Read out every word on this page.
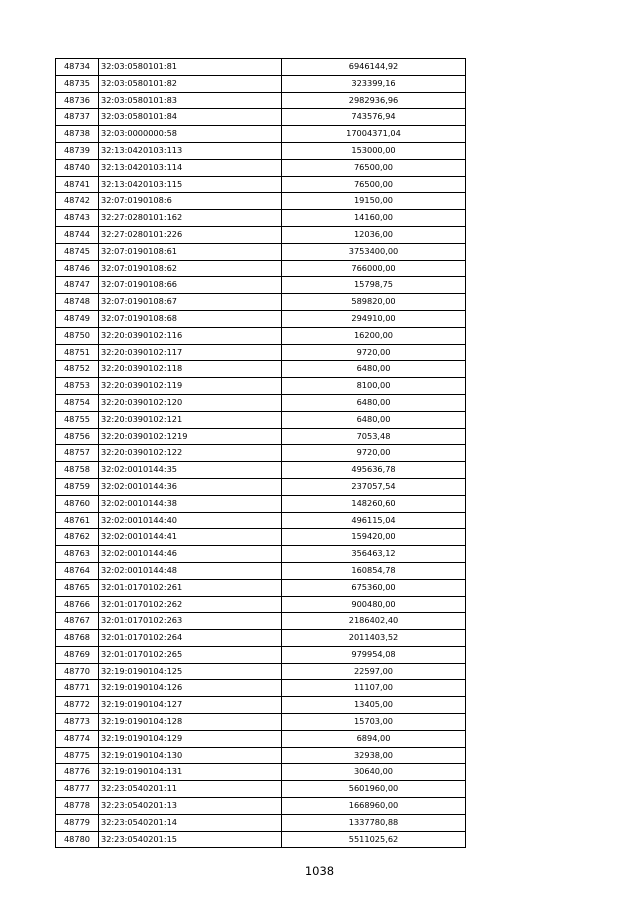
48734	32:03:0580101:81	6946144,92
48735	32:03:0580101:82	323399,16
48736	32:03:0580101:83	2982936,96
48737	32:03:0580101:84	743576,94
48738	32:03:0000000:58	17004371,04
48739	32:13:0420103:113	153000,00
48740	32:13:0420103:114	76500,00
48741	32:13:0420103:115	76500,00
48742	32:07:0190108:6	19150,00
48743	32:27:0280101:162	14160,00
48744	32:27:0280101:226	12036,00
48745	32:07:0190108:61	3753400,00
48746	32:07:0190108:62	766000,00
48747	32:07:0190108:66	15798,75
48748	32:07:0190108:67	589820,00
48749	32:07:0190108:68	294910,00
48750	32:20:0390102:116	16200,00
48751	32:20:0390102:117	9720,00
48752	32:20:0390102:118	6480,00
48753	32:20:0390102:119	8100,00
48754	32:20:0390102:120	6480,00
48755	32:20:0390102:121	6480,00
48756	32:20:0390102:1219	7053,48
48757	32:20:0390102:122	9720,00
48758	32:02:0010144:35	495636,78
48759	32:02:0010144:36	237057,54
48760	32:02:0010144:38	148260,60
48761	32:02:0010144:40	496115,04
48762	32:02:0010144:41	159420,00
48763	32:02:0010144:46	356463,12
48764	32:02:0010144:48	160854,78
48765	32:01:0170102:261	675360,00
48766	32:01:0170102:262	900480,00
48767	32:01:0170102:263	2186402,40
48768	32:01:0170102:264	2011403,52
48769	32:01:0170102:265	979954,08
48770	32:19:0190104:125	22597,00
48771	32:19:0190104:126	11107,00
48772	32:19:0190104:127	13405,00
48773	32:19:0190104:128	15703,00
48774	32:19:0190104:129	6894,00
48775	32:19:0190104:130	32938,00
48776	32:19:0190104:131	30640,00
48777	32:23:0540201:11	5601960,00
48778	32:23:0540201:13	1668960,00
48779	32:23:0540201:14	1337780,88
48780	32:23:0540201:15	5511025,62
1038
